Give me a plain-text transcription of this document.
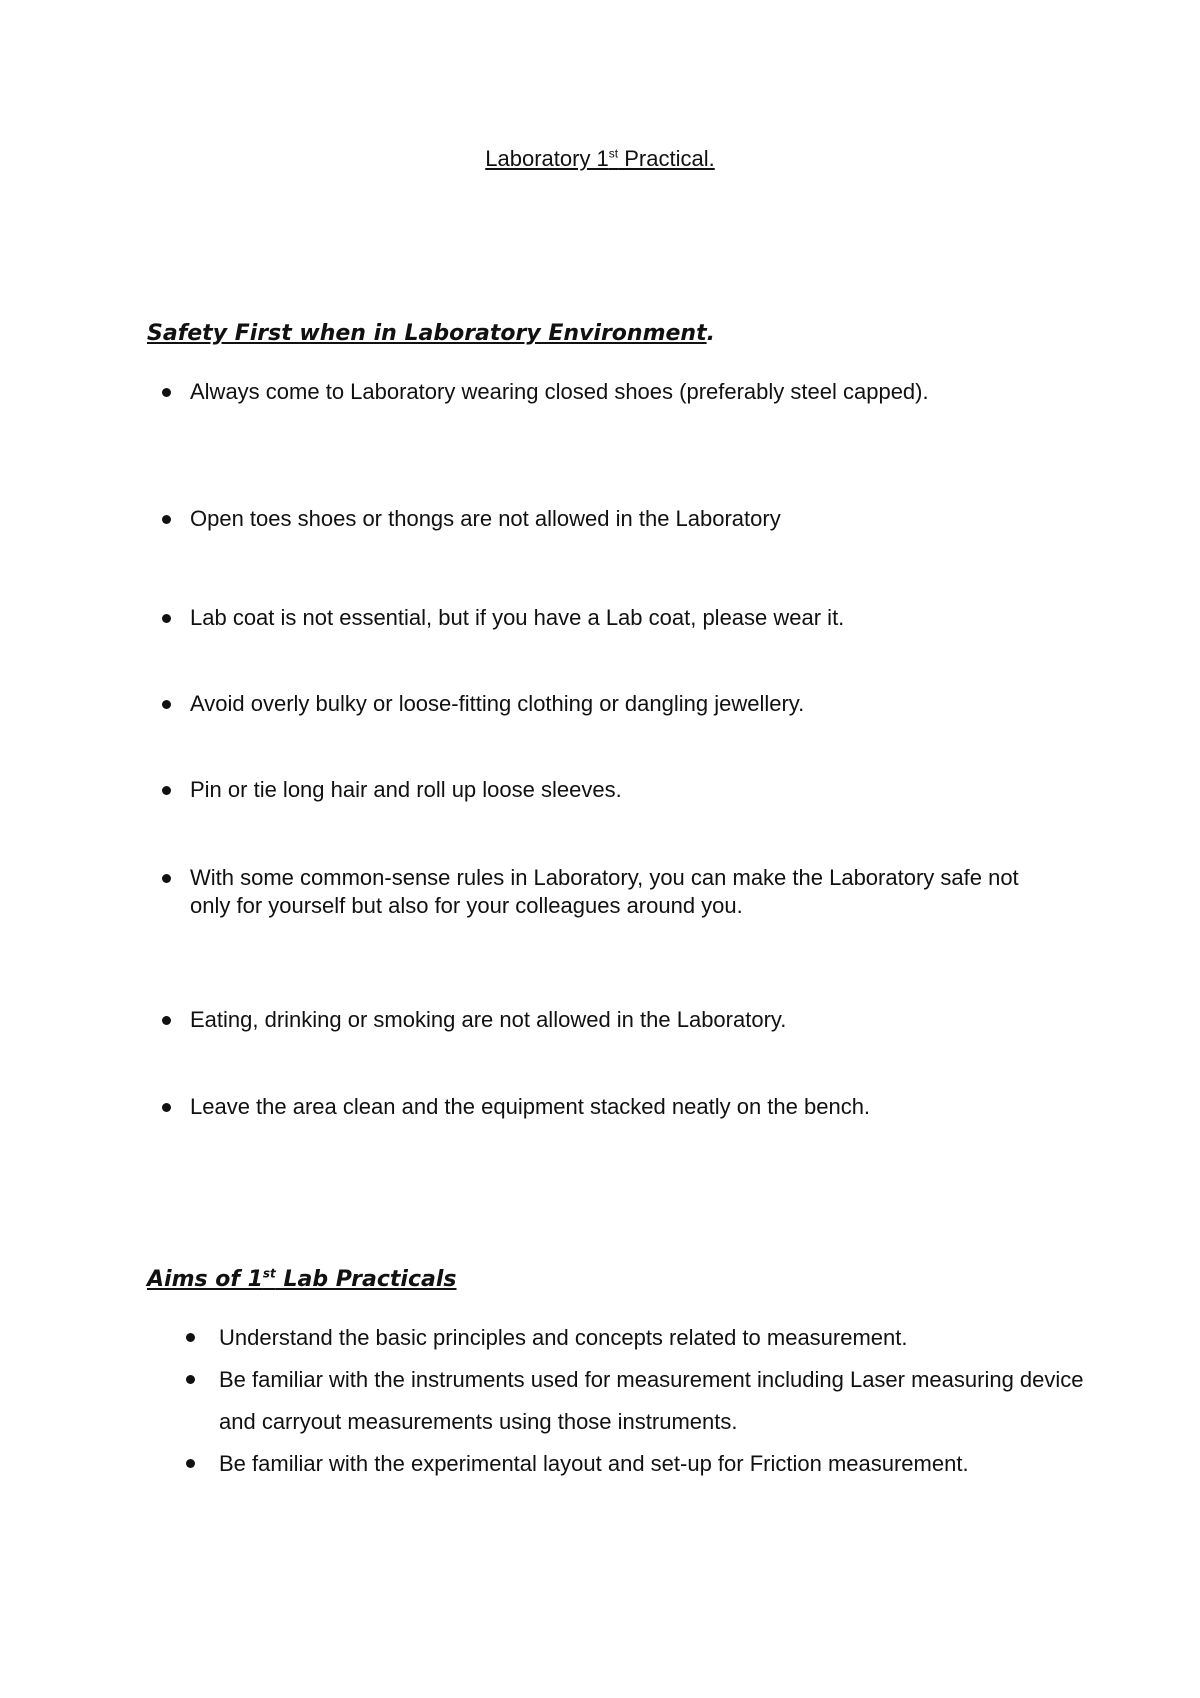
Laboratory 1st Practical.
Safety First when in Laboratory Environment.

Always come to Laboratory wearing closed shoes (preferably steel capped).

Open toes shoes or thongs are not allowed in the Laboratory

Lab coat is not essential, but if you have a Lab coat, please wear it.

Avoid overly bulky or loose-fitting clothing or dangling jewellery.

Pin or tie long hair and roll up loose sleeves.

With some common-sense rules in Laboratory, you can make the Laboratory safe not only for yourself but also for your colleagues around you.

Eating, drinking or smoking are not allowed in the Laboratory.

Leave the area clean and the equipment stacked neatly on the bench.

Aims of 1st Lab Practicals

Understand the basic principles and concepts related to measurement.

Be familiar with the instruments used for measurement including Laser measuring device and carryout measurements using those instruments.

Be familiar with the experimental layout and set-up for Friction measurement.
